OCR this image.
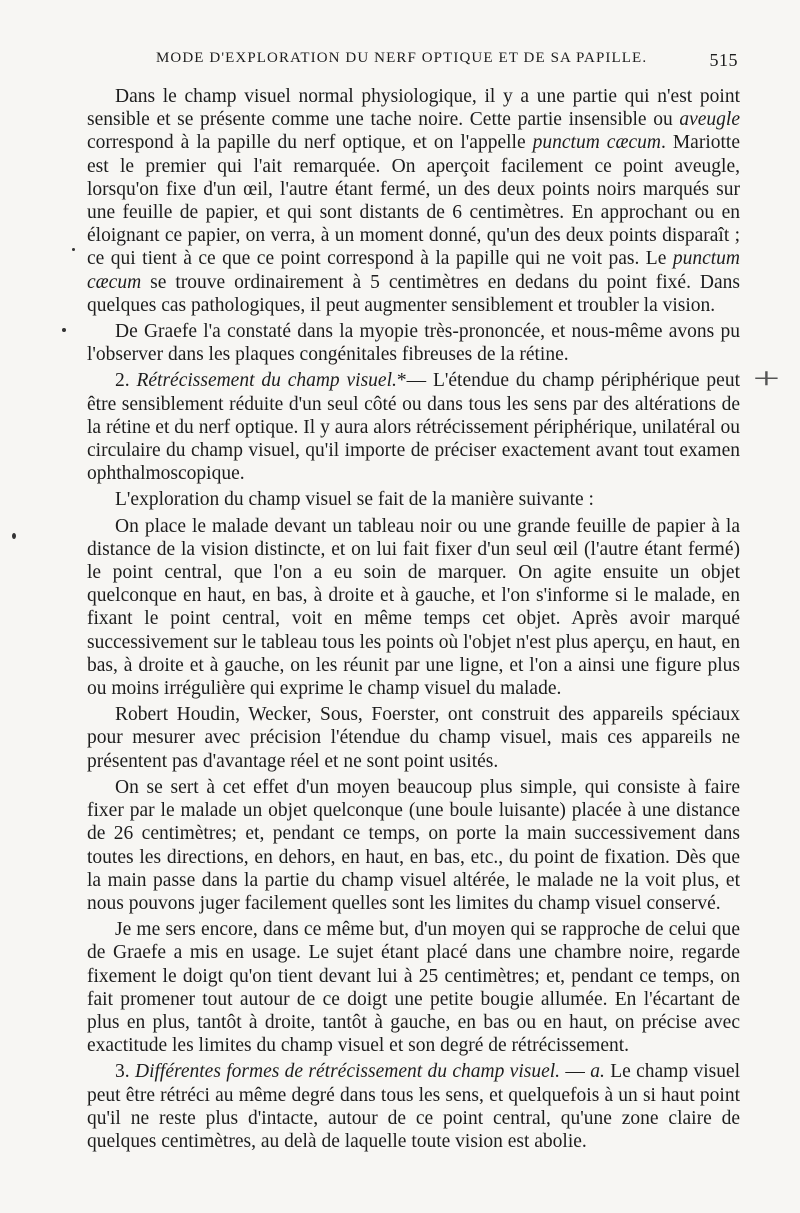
MODE D'EXPLORATION DU NERF OPTIQUE ET DE SA PAPILLE.	515

Dans le champ visuel normal physiologique, il y a une partie qui n'est point sensible et se présente comme une tache noire. Cette partie insensible ou aveugle correspond à la papille du nerf optique, et on l'appelle punctum cæcum. Mariotte est le premier qui l'ait remarquée. On aperçoit facilement ce point aveugle, lorsqu'on fixe d'un œil, l'autre étant fermé, un des deux points noirs marqués sur une feuille de papier, et qui sont distants de 6 centimètres. En approchant ou en éloignant ce papier, on verra, à un moment donné, qu'un des deux points disparaît ; ce qui tient à ce que ce point correspond à la papille qui ne voit pas. Le punctum cæcum se trouve ordinairement à 5 centimètres en dedans du point fixé. Dans quelques cas pathologiques, il peut augmenter sensiblement et troubler la vision.

De Graefe l'a constaté dans la myopie très-prononcée, et nous-même avons pu l'observer dans les plaques congénitales fibreuses de la rétine.

2. Rétrécissement du champ visuel.*— L'étendue du champ périphérique peut être sensiblement réduite d'un seul côté ou dans tous les sens par des altérations de la rétine et du nerf optique. Il y aura alors rétrécissement périphérique, unilatéral ou circulaire du champ visuel, qu'il importe de préciser exactement avant tout examen ophthalmoscopique.

L'exploration du champ visuel se fait de la manière suivante :

On place le malade devant un tableau noir ou une grande feuille de papier à la distance de la vision distincte, et on lui fait fixer d'un seul œil (l'autre étant fermé) le point central, que l'on a eu soin de marquer. On agite ensuite un objet quelconque en haut, en bas, à droite et à gauche, et l'on s'informe si le malade, en fixant le point central, voit en même temps cet objet. Après avoir marqué successivement sur le tableau tous les points où l'objet n'est plus aperçu, en haut, en bas, à droite et à gauche, on les réunit par une ligne, et l'on a ainsi une figure plus ou moins irrégulière qui exprime le champ visuel du malade.

Robert Houdin, Wecker, Sous, Foerster, ont construit des appareils spéciaux pour mesurer avec précision l'étendue du champ visuel, mais ces appareils ne présentent pas d'avantage réel et ne sont point usités.

On se sert à cet effet d'un moyen beaucoup plus simple, qui consiste à faire fixer par le malade un objet quelconque (une boule luisante) placée à une distance de 26 centimètres; et, pendant ce temps, on porte la main successivement dans toutes les directions, en dehors, en haut, en bas, etc., du point de fixation. Dès que la main passe dans la partie du champ visuel altérée, le malade ne la voit plus, et nous pouvons juger facilement quelles sont les limites du champ visuel conservé.

Je me sers encore, dans ce même but, d'un moyen qui se rapproche de celui que de Graefe a mis en usage. Le sujet étant placé dans une chambre noire, regarde fixement le doigt qu'on tient devant lui à 25 centimètres; et, pendant ce temps, on fait promener tout autour de ce doigt une petite bougie allumée. En l'écartant de plus en plus, tantôt à droite, tantôt à gauche, en bas ou en haut, on précise avec exactitude les limites du champ visuel et son degré de rétrécissement.

3. Différentes formes de rétrécissement du champ visuel. — a. Le champ visuel peut être rétréci au même degré dans tous les sens, et quelquefois à un si haut point qu'il ne reste plus d'intacte, autour de ce point central, qu'une zone claire de quelques centimètres, au delà de laquelle toute vision est abolie.

+
